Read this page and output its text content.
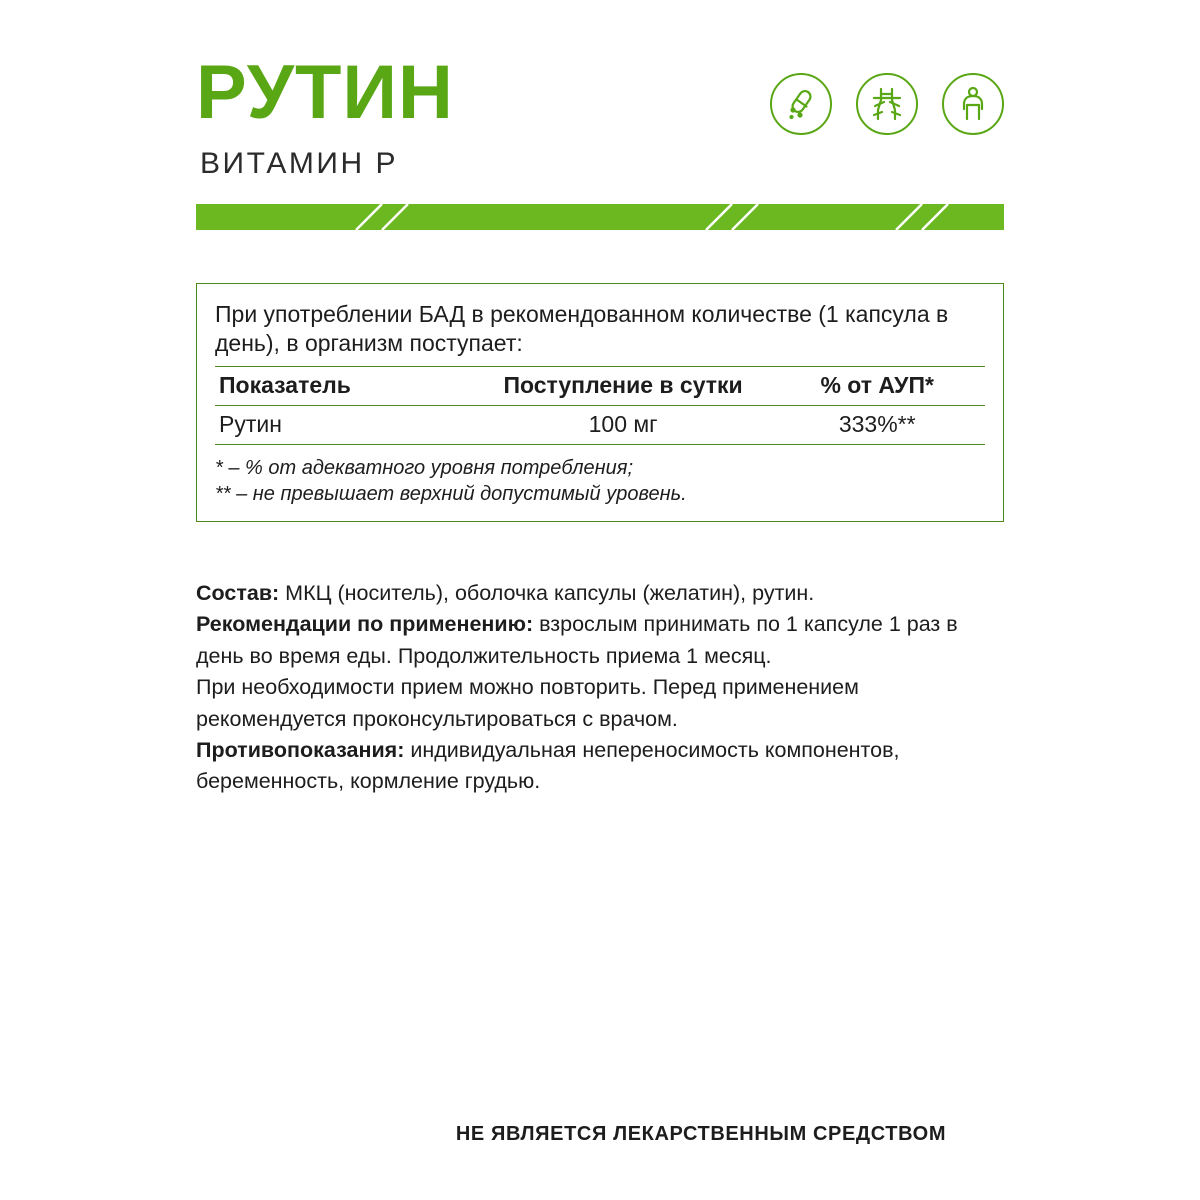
РУТИН
ВИТАМИН Р

При употреблении БАД в рекомендованном количестве (1 капсула в день), в организм поступает:

Показатель	Поступление в сутки	% от АУП*
Рутин	100 мг	333%**
* – % от адекватного уровня потребления;
** – не превышает верхний допустимый уровень.

Состав: МКЦ (носитель), оболочка капсулы (желатин), рутин.

Рекомендации по применению: взрослым принимать по 1 капсуле 1 раз в день во время еды. Продолжительность приема 1 месяц.

При необходимости прием можно повторить. Перед применением рекомендуется проконсультироваться с врачом.

Противопоказания: индивидуальная непереносимость компонентов, беременность, кормление грудью.

НЕ ЯВЛЯЕТСЯ ЛЕКАРСТВЕННЫМ СРЕДСТВОМ
